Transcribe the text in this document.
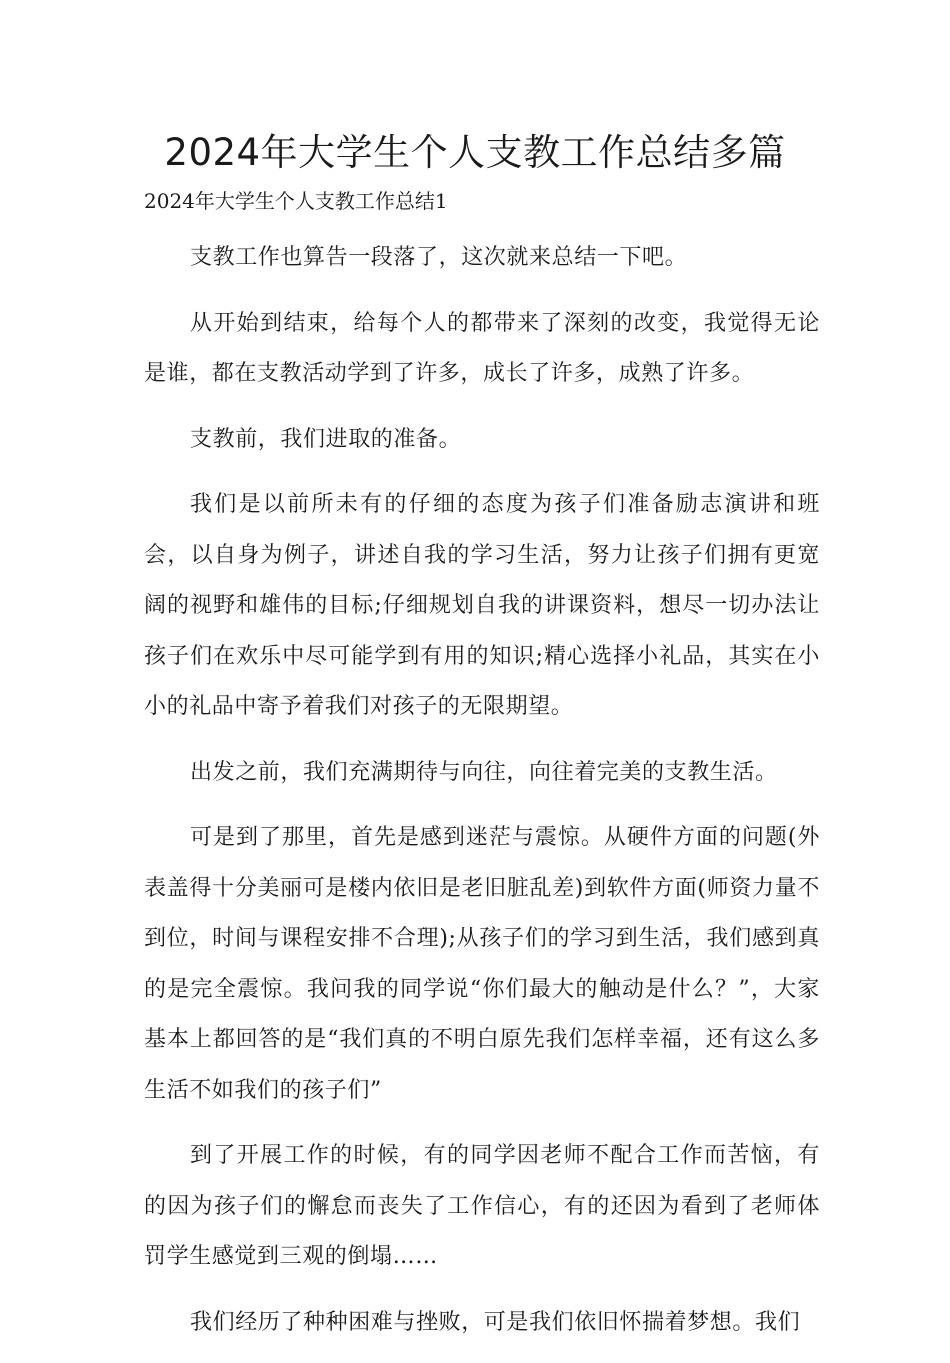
2024年大学生个人支教工作总结多篇
2024年大学生个人支教工作总结1

支教工作也算告一段落了，这次就来总结一下吧。

从开始到结束，给每个人的都带来了深刻的改变，我觉得无论是谁，都在支教活动学到了许多，成长了许多，成熟了许多。

支教前，我们进取的准备。

我们是以前所未有的仔细的态度为孩子们准备励志演讲和班会，以自身为例子，讲述自我的学习生活，努力让孩子们拥有更宽阔的视野和雄伟的目标;仔细规划自我的讲课资料，想尽一切办法让孩子们在欢乐中尽可能学到有用的知识;精心选择小礼品，其实在小小的礼品中寄予着我们对孩子的无限期望。

出发之前，我们充满期待与向往，向往着完美的支教生活。

可是到了那里，首先是感到迷茫与震惊。从硬件方面的问题(外表盖得十分美丽可是楼内依旧是老旧脏乱差)到软件方面(师资力量不到位，时间与课程安排不合理);从孩子们的学习到生活，我们感到真的是完全震惊。我问我的同学说“你们最大的触动是什么？”，大家基本上都回答的是“我们真的不明白原先我们怎样幸福，还有这么多生活不如我们的孩子们”

到了开展工作的时候，有的同学因老师不配合工作而苦恼，有的因为孩子们的懈怠而丧失了工作信心，有的还因为看到了老师体罚学生感觉到三观的倒塌……

我们经历了种种困难与挫败，可是我们依旧怀揣着梦想。我们
